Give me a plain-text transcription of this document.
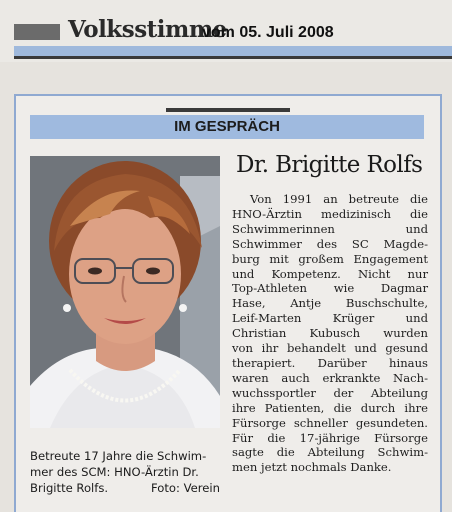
Volksstimme
vom 05. Juli 2008
IM GESPRÄCH
Betreute 17 Jahre die Schwim-
mer des SCM: HNO-Ärztin Dr.
Brigitte Rolfs.	Foto: Verein
Dr. Brigitte Rolfs
Von 1991 an betreute die
HNO-Ärztin medizinisch die
Schwimmerinnen und
Schwimmer des SC Magde-
burg mit großem Engagement
und Kompetenz. Nicht nur
Top-Athleten wie Dagmar
Hase, Antje Buschschulte,
Leif-Marten Krüger und
Christian Kubusch wurden
von ihr behandelt und gesund
therapiert. Darüber hinaus
waren auch erkrankte Nach-
wuchssportler der Abteilung
ihre Patienten, die durch ihre
Fürsorge schneller gesundeten.
Für die 17-jährige Fürsorge
sagte die Abteilung Schwim-
men jetzt nochmals Danke.
